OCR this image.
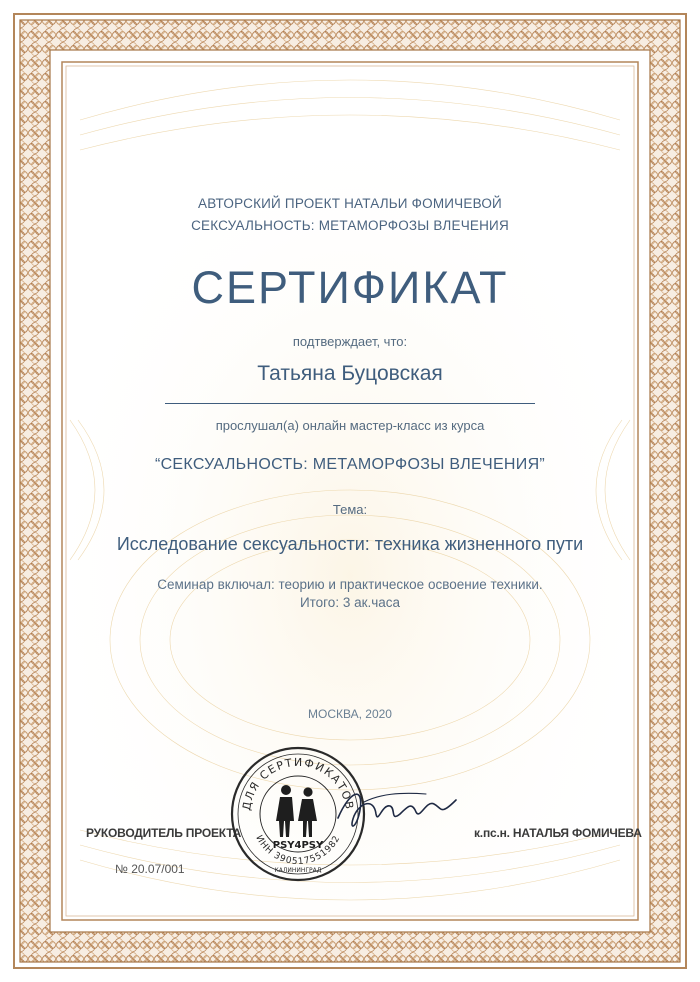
АВТОРСКИЙ ПРОЕКТ НАТАЛЬИ ФОМИЧЕВОЙ
СЕКСУАЛЬНОСТЬ: МЕТАМОРФОЗЫ ВЛЕЧЕНИЯ
СЕРТИФИКАТ
подтверждает, что:
Татьяна Буцовская
прослушал(а) онлайн мастер-класс из курса
“СЕКСУАЛЬНОСТЬ: МЕТАМОРФОЗЫ ВЛЕЧЕНИЯ”
Тема:
Исследование сексуальности: техника жизненного пути
Семинар включал: теорию и практическое освоение техники.
Итого: 3 ак.часа
МОСКВА, 2020
РУКОВОДИТЕЛЬ ПРОЕКТА	к.пс.н. НАТАЛЬЯ ФОМИЧЕВА
№ 20.07/001
ДЛЯ СЕРТИФИКАТОВ
ИНН 390517551982
PSY4PSY
КАЛИНИНГРАД
